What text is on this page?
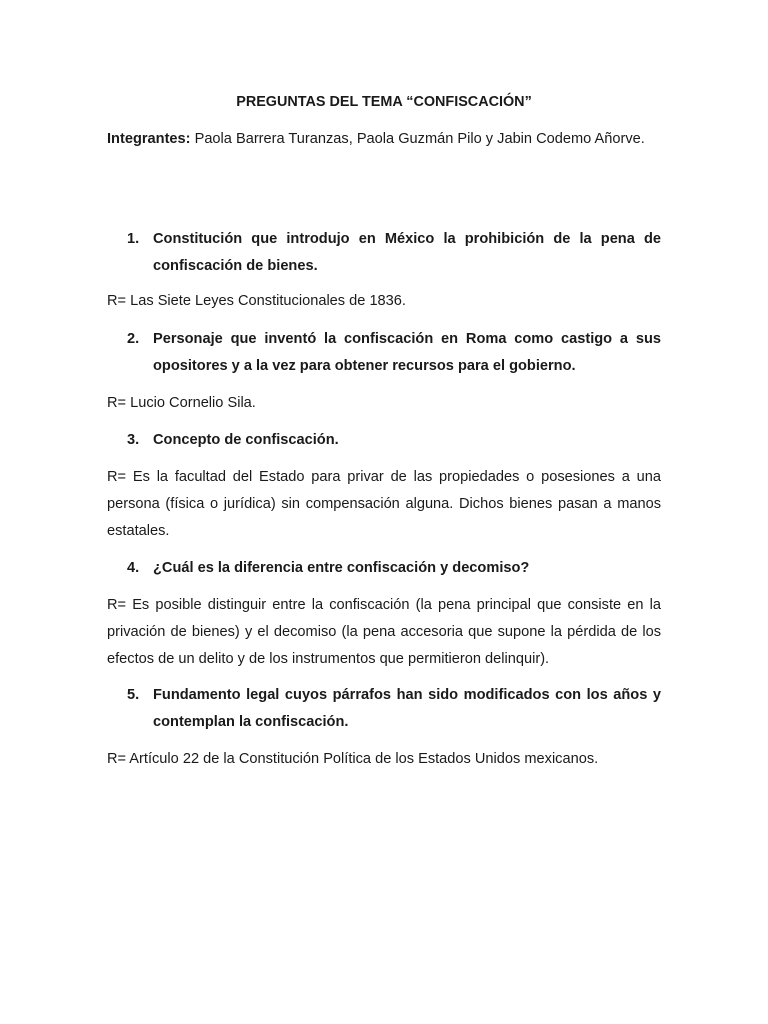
PREGUNTAS DEL TEMA “CONFISCACIÓN”
Integrantes: Paola Barrera Turanzas, Paola Guzmán Pilo y Jabin Codemo Añorve.
1. Constitución que introdujo en México la prohibición de la pena de confiscación de bienes.
R= Las Siete Leyes Constitucionales de 1836.
2. Personaje que inventó la confiscación en Roma como castigo a sus opositores y a la vez para obtener recursos para el gobierno.
R= Lucio Cornelio Sila.
3. Concepto de confiscación.
R= Es la facultad del Estado para privar de las propiedades o posesiones a una persona (física o jurídica) sin compensación alguna. Dichos bienes pasan a manos estatales.
4. ¿Cuál es la diferencia entre confiscación y decomiso?
R= Es posible distinguir entre la confiscación (la pena principal que consiste en la privación de bienes) y el decomiso (la pena accesoria que supone la pérdida de los efectos de un delito y de los instrumentos que permitieron delinquir).
5. Fundamento legal cuyos párrafos han sido modificados con los años y contemplan la confiscación.
R= Artículo 22 de la Constitución Política de los Estados Unidos mexicanos.
